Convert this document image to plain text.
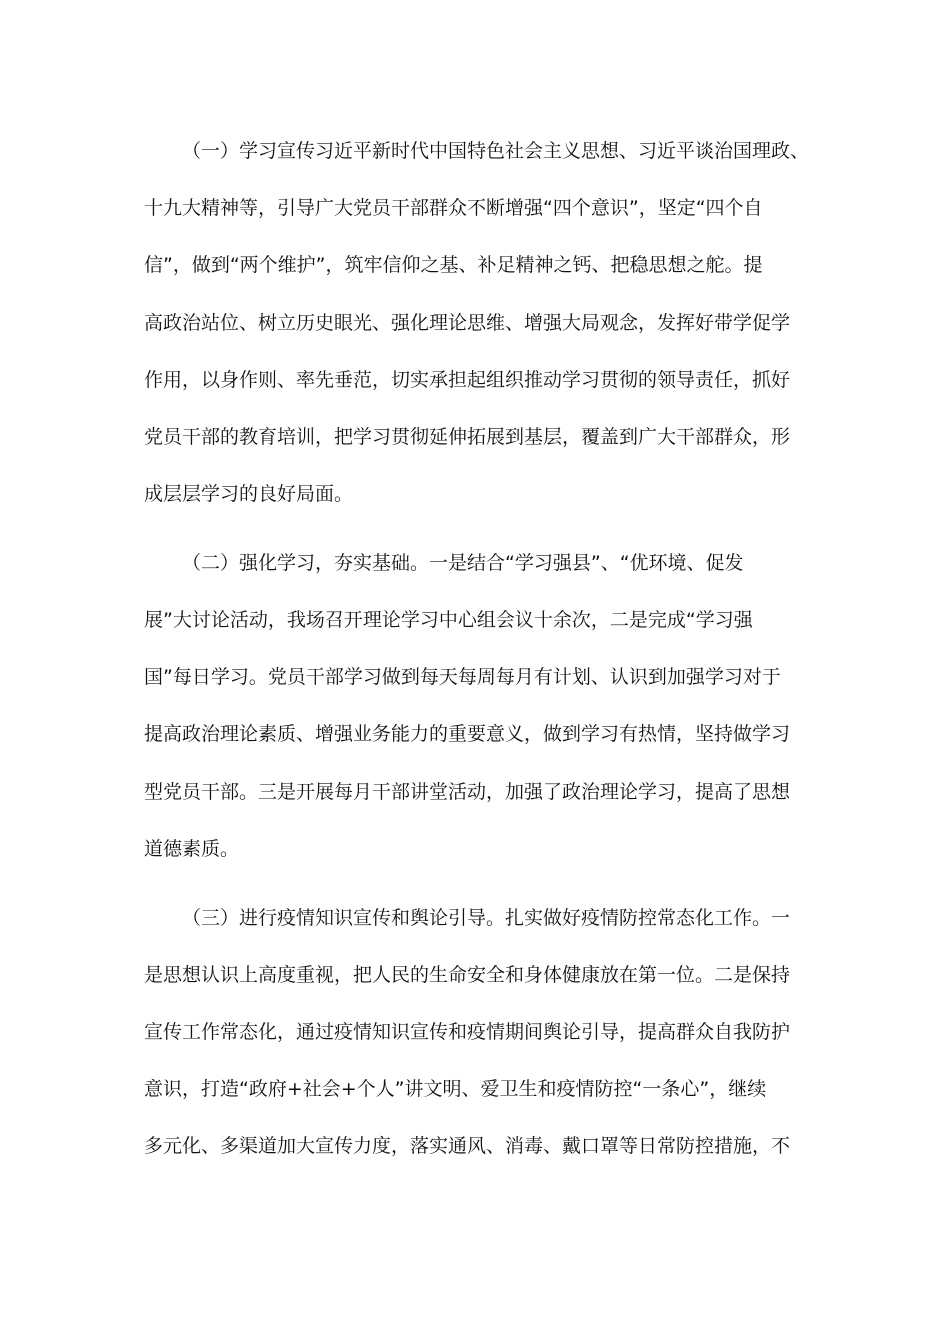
（一）学习宣传习近平新时代中国特色社会主义思想、习近平谈治国理政、
十九大精神等，引导广大党员干部群众不断增强“四个意识”，坚定“四个自
信”，做到“两个维护”，筑牢信仰之基、补足精神之钙、把稳思想之舵。提
高政治站位、树立历史眼光、强化理论思维、增强大局观念，发挥好带学促学
作用，以身作则、率先垂范，切实承担起组织推动学习贯彻的领导责任，抓好
党员干部的教育培训，把学习贯彻延伸拓展到基层，覆盖到广大干部群众，形
成层层学习的良好局面。
（二）强化学习，夯实基础。一是结合“学习强县”、“优环境、促发
展”大讨论活动，我场召开理论学习中心组会议十余次，二是完成“学习强
国”每日学习。党员干部学习做到每天每周每月有计划、认识到加强学习对于
提高政治理论素质、增强业务能力的重要意义，做到学习有热情，坚持做学习
型党员干部。三是开展每月干部讲堂活动，加强了政治理论学习，提高了思想
道德素质。
（三）进行疫情知识宣传和舆论引导。扎实做好疫情防控常态化工作。一
是思想认识上高度重视，把人民的生命安全和身体健康放在第一位。二是保持
宣传工作常态化，通过疫情知识宣传和疫情期间舆论引导，提高群众自我防护
意识，打造“政府+社会+个人”讲文明、爱卫生和疫情防控“一条心”，继续
多元化、多渠道加大宣传力度，落实通风、消毒、戴口罩等日常防控措施，不
